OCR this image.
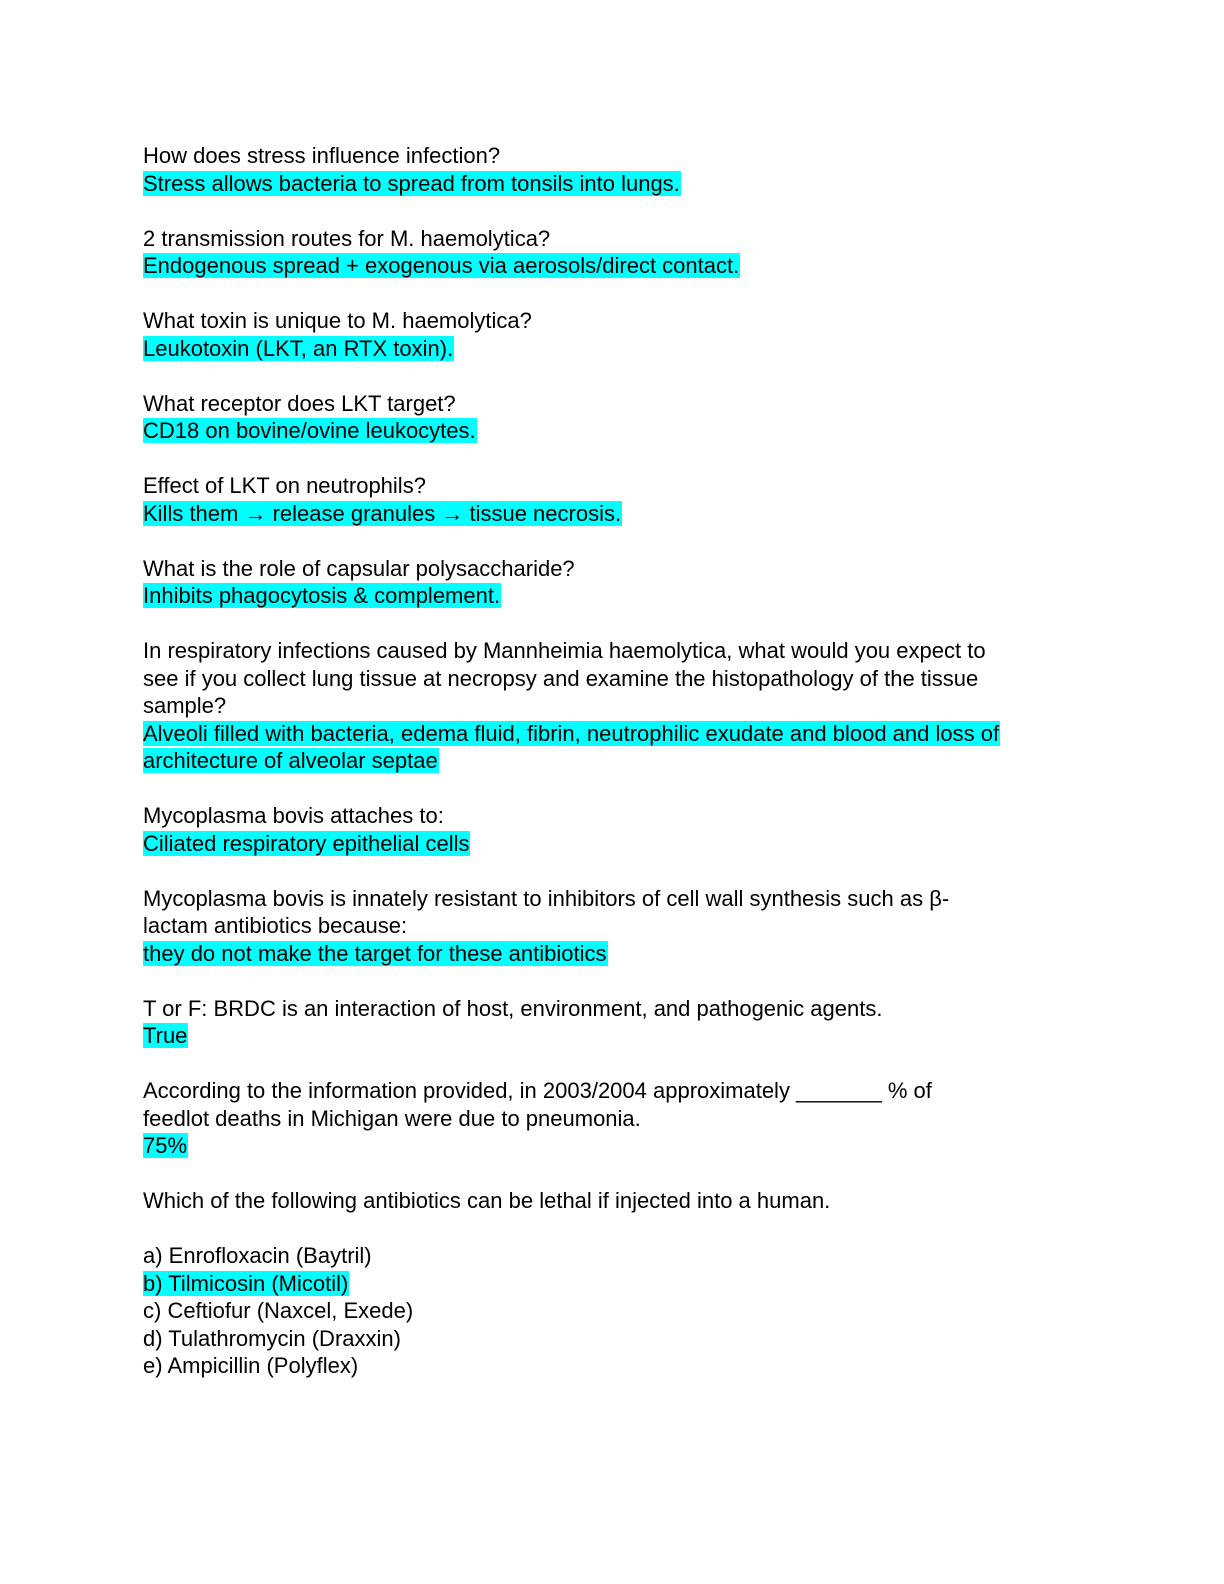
How does stress influence infection?
Stress allows bacteria to spread from tonsils into lungs.
2 transmission routes for M. haemolytica?
Endogenous spread + exogenous via aerosols/direct contact.
What toxin is unique to M. haemolytica?
Leukotoxin (LKT, an RTX toxin).
What receptor does LKT target?
CD18 on bovine/ovine leukocytes.
Effect of LKT on neutrophils?
Kills them → release granules → tissue necrosis.
What is the role of capsular polysaccharide?
Inhibits phagocytosis & complement.
In respiratory infections caused by Mannheimia haemolytica, what would you expect to
see if you collect lung tissue at necropsy and examine the histopathology of the tissue
sample?
Alveoli filled with bacteria, edema fluid, fibrin, neutrophilic exudate and blood and loss of
architecture of alveolar septae
Mycoplasma bovis attaches to:
Ciliated respiratory epithelial cells
Mycoplasma bovis is innately resistant to inhibitors of cell wall synthesis such as β-
lactam antibiotics because:
they do not make the target for these antibiotics
T or F: BRDC is an interaction of host, environment, and pathogenic agents.
True
According to the information provided, in 2003/2004 approximately _______ % of
feedlot deaths in Michigan were due to pneumonia.
75%
Which of the following antibiotics can be lethal if injected into a human.
a) Enrofloxacin (Baytril)
b) Tilmicosin (Micotil)
c) Ceftiofur (Naxcel, Exede)
d) Tulathromycin (Draxxin)
e) Ampicillin (Polyflex)
